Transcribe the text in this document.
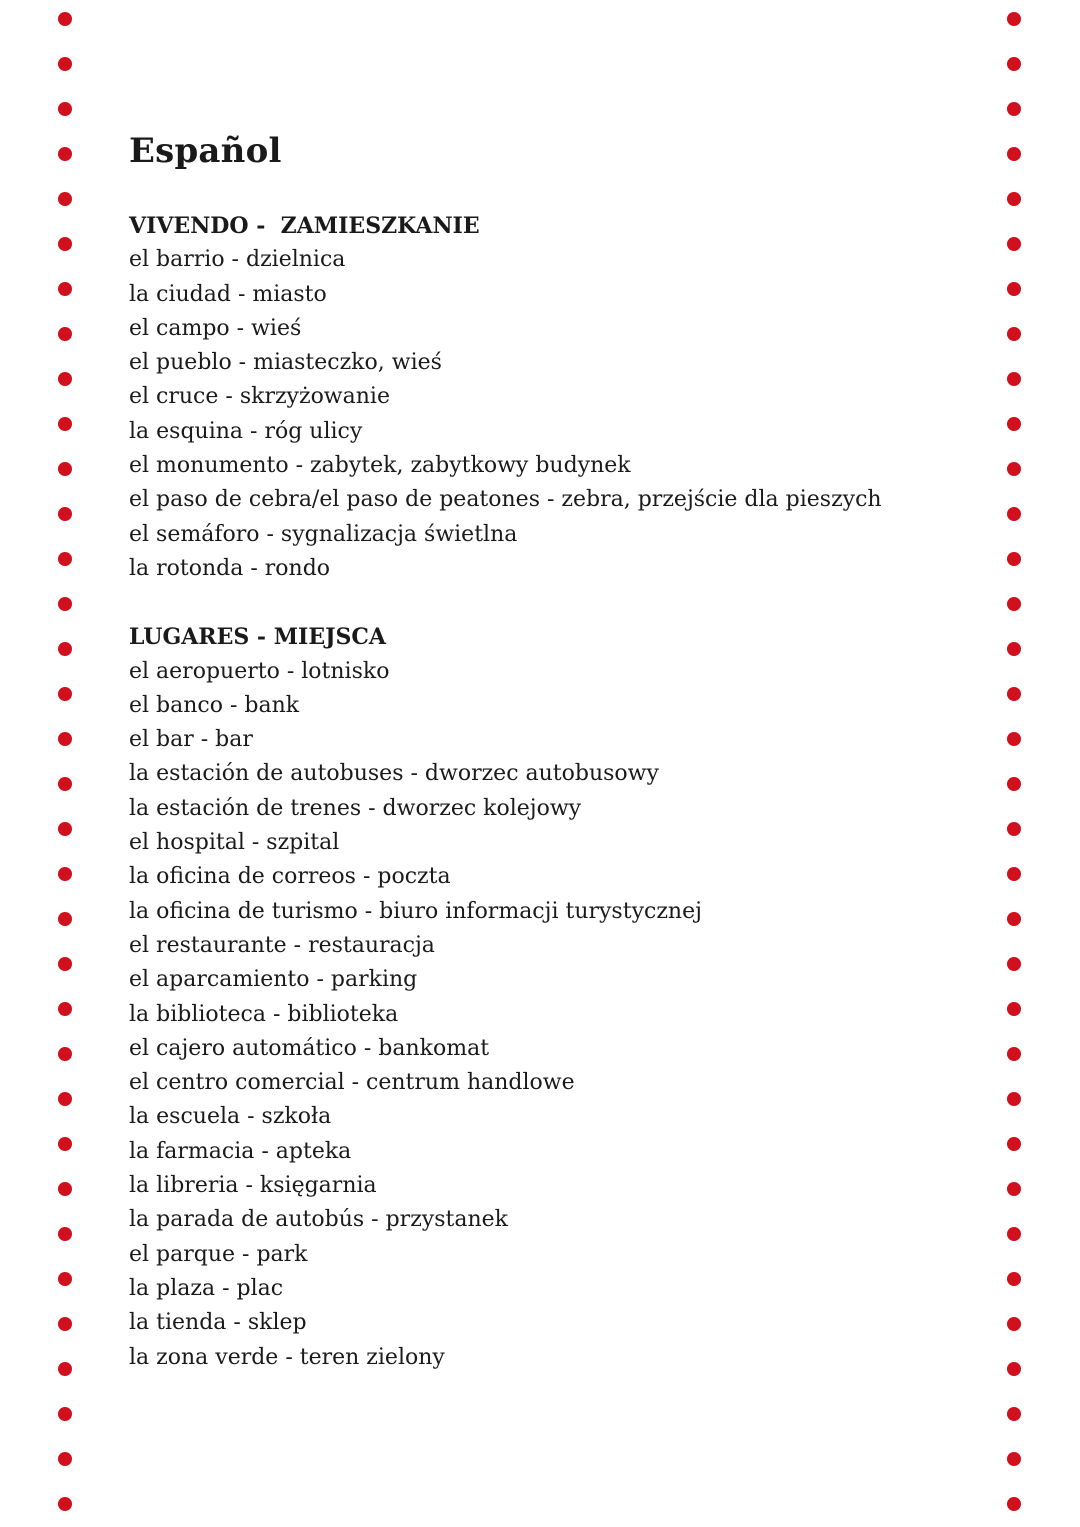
Español
VIVENDO -  ZAMIESZKANIE
el barrio - dzielnica
la ciudad - miasto
el campo - wieś
el pueblo - miasteczko, wieś
el cruce - skrzyżowanie
la esquina - róg ulicy
el monumento - zabytek, zabytkowy budynek
el paso de cebra/el paso de peatones - zebra, przejście dla pieszych
el semáforo - sygnalizacja świetlna
la rotonda - rondo
LUGARES - MIEJSCA
el aeropuerto - lotnisko
el banco - bank
el bar - bar
la estación de autobuses - dworzec autobusowy
la estación de trenes - dworzec kolejowy
el hospital - szpital
la oficina de correos - poczta
la oficina de turismo - biuro informacji turystycznej
el restaurante - restauracja
el aparcamiento - parking
la biblioteca - biblioteka
el cajero automático - bankomat
el centro comercial - centrum handlowe
la escuela - szkoła
la farmacia - apteka
la libreria - księgarnia
la parada de autobús - przystanek
el parque - park
la plaza - plac
la tienda - sklep
la zona verde - teren zielony
